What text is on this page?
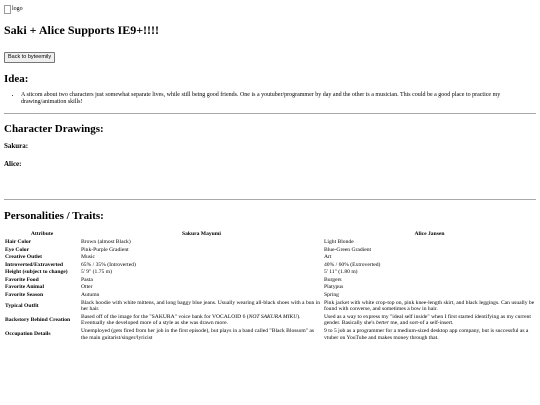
logo
Saki + Alice Supports IE9+!!!!
Back to byteemily
Idea:
• A sitcom about two characters just somewhat separate lives, while still being good friends. One is a youtuber/programmer by day and the other is a musician. This could be a good place to practice my drawing/animation skills!
Character Drawings:
Sakura:
Alice:
Personalities / Traits:
Attribute	Sakura Mayumi	Alice Jansen
Hair Color	Brown (almost Black)	Light Blonde
Eye Color	Pink-Purple Gradient	Blue-Green Gradient
Creative Outlet	Music	Art
Introverted/Extraverted	65% / 35% (Introverted)	40% / 60% (Extroverted)
Height (subject to change)	5' 9" (1.75 m)	5' 11" (1.80 m)
Favorite Food	Pasta	Burgers
Favorite Animal	Otter	Platypus
Favorite Season	Autumn	Spring
Typical Outfit	Black hoodie with white mittens, and long baggy blue jeans. Usually wearing all-black shoes with a bun in her hair.	Pink jacket with white crop-top on, pink knee-length skirt, and black leggings. Can usually be found with converse, and sometimes a bow in hair.
Backstory Behind Creation	Based off of the image for the "SAKURA" voice bank for VOCALOID 6 (NOT SAKURA MIKU). Eventually she developed more of a style as she was drawn more.	Used as a way to express my "ideal self inside" when I first started identifying as my current gender. Basically she's better me, and sort-of a self-insert.
Occupation Details	Unemployed (gets fired from her job in the first episode), but plays in a band called "Black Blossom" as the main guitarist/singer/lyricist	9 to 5 job as a programmer for a medium-sized desktop app company, but is successful as a vtuber on YouTube and makes money through that.
